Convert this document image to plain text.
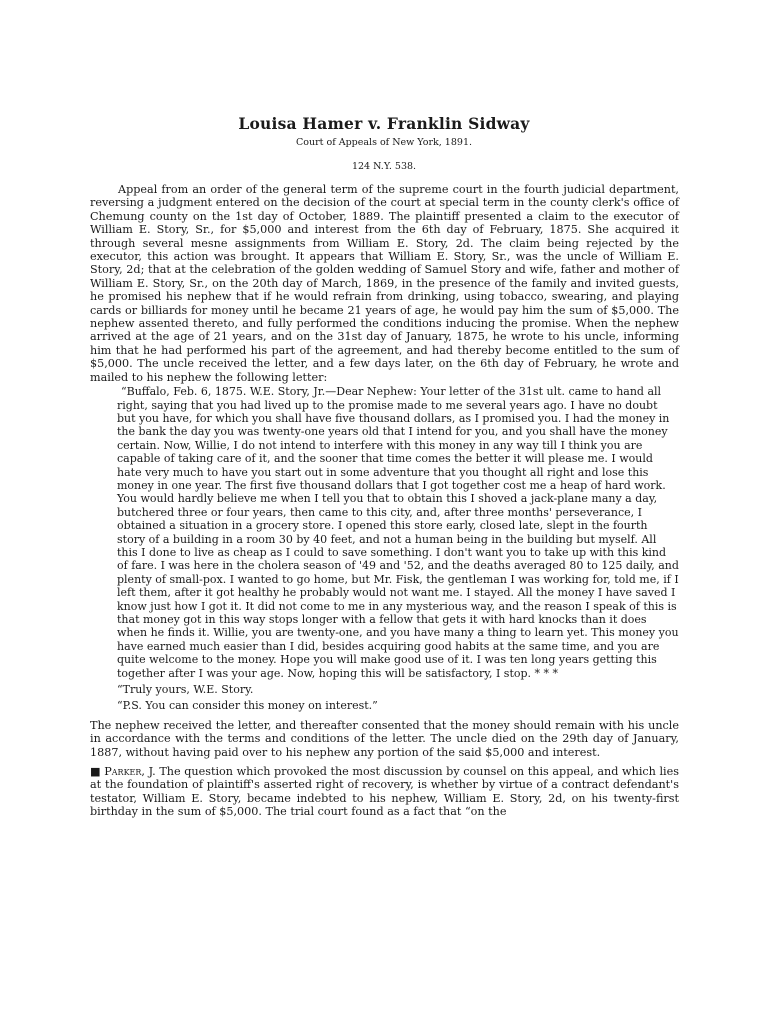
Louisa Hamer v. Franklin Sidway
Court of Appeals of New York, 1891.
124 N.Y. 538.

Appeal from an order of the general term of the supreme court in the fourth judicial department, reversing a judgment entered on the decision of the court at special term in the county clerk's office of Chemung county on the 1st day of October, 1889. The plaintiff presented a claim to the executor of William E. Story, Sr., for $5,000 and interest from the 6th day of February, 1875. She acquired it through several mesne assignments from William E. Story, 2d. The claim being rejected by the executor, this action was brought. It appears that William E. Story, Sr., was the uncle of William E. Story, 2d; that at the celebration of the golden wedding of Samuel Story and wife, father and mother of William E. Story, Sr., on the 20th day of March, 1869, in the presence of the family and invited guests, he promised his nephew that if he would refrain from drinking, using tobacco, swearing, and playing cards or billiards for money until he became 21 years of age, he would pay him the sum of $5,000. The nephew assented thereto, and fully performed the conditions inducing the promise. When the nephew arrived at the age of 21 years, and on the 31st day of January, 1875, he wrote to his uncle, informing him that he had performed his part of the agreement, and had thereby become entitled to the sum of $5,000. The uncle received the letter, and a few days later, on the 6th day of February, he wrote and mailed to his nephew the following letter:

“Buffalo, Feb. 6, 1875. W.E. Story, Jr.—Dear Nephew: Your letter of the 31st ult. came to hand all right, saying that you had lived up to the promise made to me several years ago. I have no doubt but you have, for which you shall have five thousand dollars, as I promised you. I had the money in the bank the day you was twenty-one years old that I intend for you, and you shall have the money certain. Now, Willie, I do not intend to interfere with this money in any way till I think you are capable of taking care of it, and the sooner that time comes the better it will please me. I would hate very much to have you start out in some adventure that you thought all right and lose this money in one year. The first five thousand dollars that I got together cost me a heap of hard work. You would hardly believe me when I tell you that to obtain this I shoved a jack-plane many a day, butchered three or four years, then came to this city, and, after three months' perseverance, I obtained a situation in a grocery store. I opened this store early, closed late, slept in the fourth story of a building in a room 30 by 40 feet, and not a human being in the building but myself. All this I done to live as cheap as I could to save something. I don't want you to take up with this kind of fare. I was here in the cholera season of '49 and '52, and the deaths averaged 80 to 125 daily, and plenty of small-pox. I wanted to go home, but Mr. Fisk, the gentleman I was working for, told me, if I left them, after it got healthy he probably would not want me. I stayed. All the money I have saved I know just how I got it. It did not come to me in any mysterious way, and the reason I speak of this is that money got in this way stops longer with a fellow that gets it with hard knocks than it does when he finds it. Willie, you are twenty-one, and you have many a thing to learn yet. This money you have earned much easier than I did, besides acquiring good habits at the same time, and you are quite welcome to the money. Hope you will make good use of it. I was ten long years getting this together after I was your age. Now, hoping this will be satisfactory, I stop. * * *

“Truly yours, W.E. Story.

“P.S. You can consider this money on interest.”

The nephew received the letter, and thereafter consented that the money should remain with his uncle in accordance with the terms and conditions of the letter. The uncle died on the 29th day of January, 1887, without having paid over to his nephew any portion of the said $5,000 and interest.

■ Parker, J. The question which provoked the most discussion by counsel on this appeal, and which lies at the foundation of plaintiff's asserted right of recovery, is whether by virtue of a contract defendant's testator, William E. Story, became indebted to his nephew, William E. Story, 2d, on his twenty-first birthday in the sum of $5,000. The trial court found as a fact that “on the
